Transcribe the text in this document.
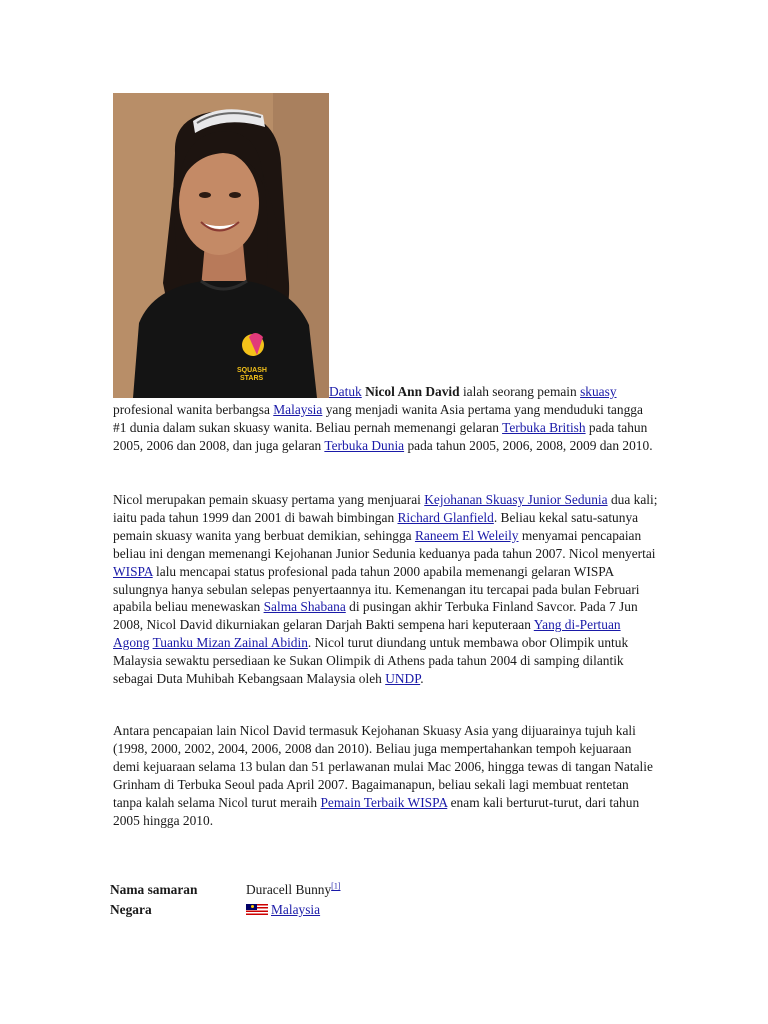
SQUASH
STARS
Datuk Nicol Ann David ialah seorang pemain skuasy profesional wanita berbangsa Malaysia yang menjadi wanita Asia pertama yang menduduki tangga #1 dunia dalam sukan skuasy wanita. Beliau pernah memenangi gelaran Terbuka British pada tahun 2005, 2006 dan 2008, dan juga gelaran Terbuka Dunia pada tahun 2005, 2006, 2008, 2009 dan 2010.
Nicol merupakan pemain skuasy pertama yang menjuarai Kejohanan Skuasy Junior Sedunia dua kali; iaitu pada tahun 1999 dan 2001 di bawah bimbingan Richard Glanfield. Beliau kekal satu-satunya pemain skuasy wanita yang berbuat demikian, sehingga Raneem El Weleily menyamai pencapaian beliau ini dengan memenangi Kejohanan Junior Sedunia keduanya pada tahun 2007. Nicol menyertai WISPA lalu mencapai status profesional pada tahun 2000 apabila memenangi gelaran WISPA sulungnya hanya sebulan selepas penyertaannya itu. Kemenangan itu tercapai pada bulan Februari apabila beliau menewaskan Salma Shabana di pusingan akhir Terbuka Finland Savcor. Pada 7 Jun 2008, Nicol David dikurniakan gelaran Darjah Bakti sempena hari keputeraan Yang di-Pertuan Agong Tuanku Mizan Zainal Abidin. Nicol turut diundang untuk membawa obor Olimpik untuk Malaysia sewaktu persediaan ke Sukan Olimpik di Athens pada tahun 2004 di samping dilantik sebagai Duta Muhibah Kebangsaan Malaysia oleh UNDP.
Antara pencapaian lain Nicol David termasuk Kejohanan Skuasy Asia yang dijuarainya tujuh kali (1998, 2000, 2002, 2004, 2006, 2008 dan 2010). Beliau juga mempertahankan tempoh kejuaraan demi kejuaraan selama 13 bulan dan 51 perlawanan mulai Mac 2006, hingga tewas di tangan Natalie Grinham di Terbuka Seoul pada April 2007. Bagaimanapun, beliau sekali lagi membuat rentetan tanpa kalah selama Nicol turut meraih Pemain Terbaik WISPA enam kali berturut-turut, dari tahun 2005 hingga 2010.
Nama samaran	Duracell Bunny[1]
Negara	Malaysia
